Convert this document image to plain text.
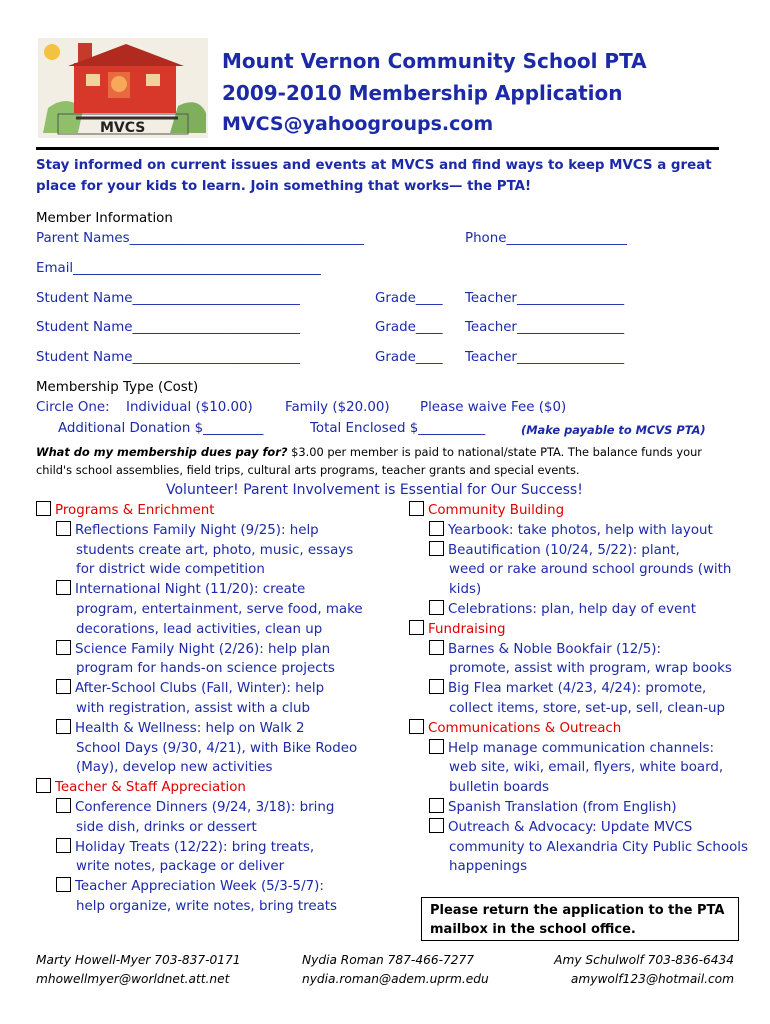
MVCS
Mount Vernon Community School PTA
2009-2010 Membership Application
MVCS@yahoogroups.com
Stay informed on current issues and events at MVCS and find ways to keep MVCS a great
place for your kids to learn. Join something that works— the PTA!
Member Information
Parent Names___________________________________	Phone__________________
Email_____________________________________
Student Name_________________________	Grade____ Teacher________________
Student Name_________________________	Grade____ Teacher________________
Student Name_________________________	Grade____ Teacher________________
Membership Type (Cost)
Circle One: Individual ($10.00) Family ($20.00) Please waive Fee ($0)
Additional Donation $_________	Total Enclosed $__________	(Make payable to MCVS PTA)
What do my membership dues pay for? $3.00 per member is paid to national/state PTA. The balance funds your
child's school assemblies, field trips, cultural arts programs, teacher grants and special events.
Volunteer! Parent Involvement is Essential for Our Success!
Programs & Enrichment
Reflections Family Night (9/25): help
students create art, photo, music, essays
for district wide competition
International Night (11/20): create
program, entertainment, serve food, make
decorations, lead activities, clean up
Science Family Night (2/26): help plan
program for hands-on science projects
After-School Clubs (Fall, Winter): help
with registration, assist with a club
Health & Wellness: help on Walk 2
School Days (9/30, 4/21), with Bike Rodeo
(May), develop new activities
Teacher & Staff Appreciation
Conference Dinners (9/24, 3/18): bring
side dish, drinks or dessert
Holiday Treats (12/22): bring treats,
write notes, package or deliver
Teacher Appreciation Week (5/3-5/7):
help organize, write notes, bring treats
Community Building
Yearbook: take photos, help with layout
Beautification (10/24, 5/22): plant,
weed or rake around school grounds (with
kids)
Celebrations: plan, help day of event
Fundraising
Barnes & Noble Bookfair (12/5):
promote, assist with program, wrap books
Big Flea market (4/23, 4/24): promote,
collect items, store, set-up, sell, clean-up
Communications & Outreach
Help manage communication channels:
web site, wiki, email, flyers, white board,
bulletin boards
Spanish Translation (from English)
Outreach & Advocacy: Update MVCS
community to Alexandria City Public Schools
happenings
Please return the application to the PTA
mailbox in the school office.
Marty Howell-Myer 703-837-0171
mhowellmyer@worldnet.att.net
Nydia Roman 787-466-7277
nydia.roman@adem.uprm.edu
Amy Schulwolf 703-836-6434
amywolf123@hotmail.com
